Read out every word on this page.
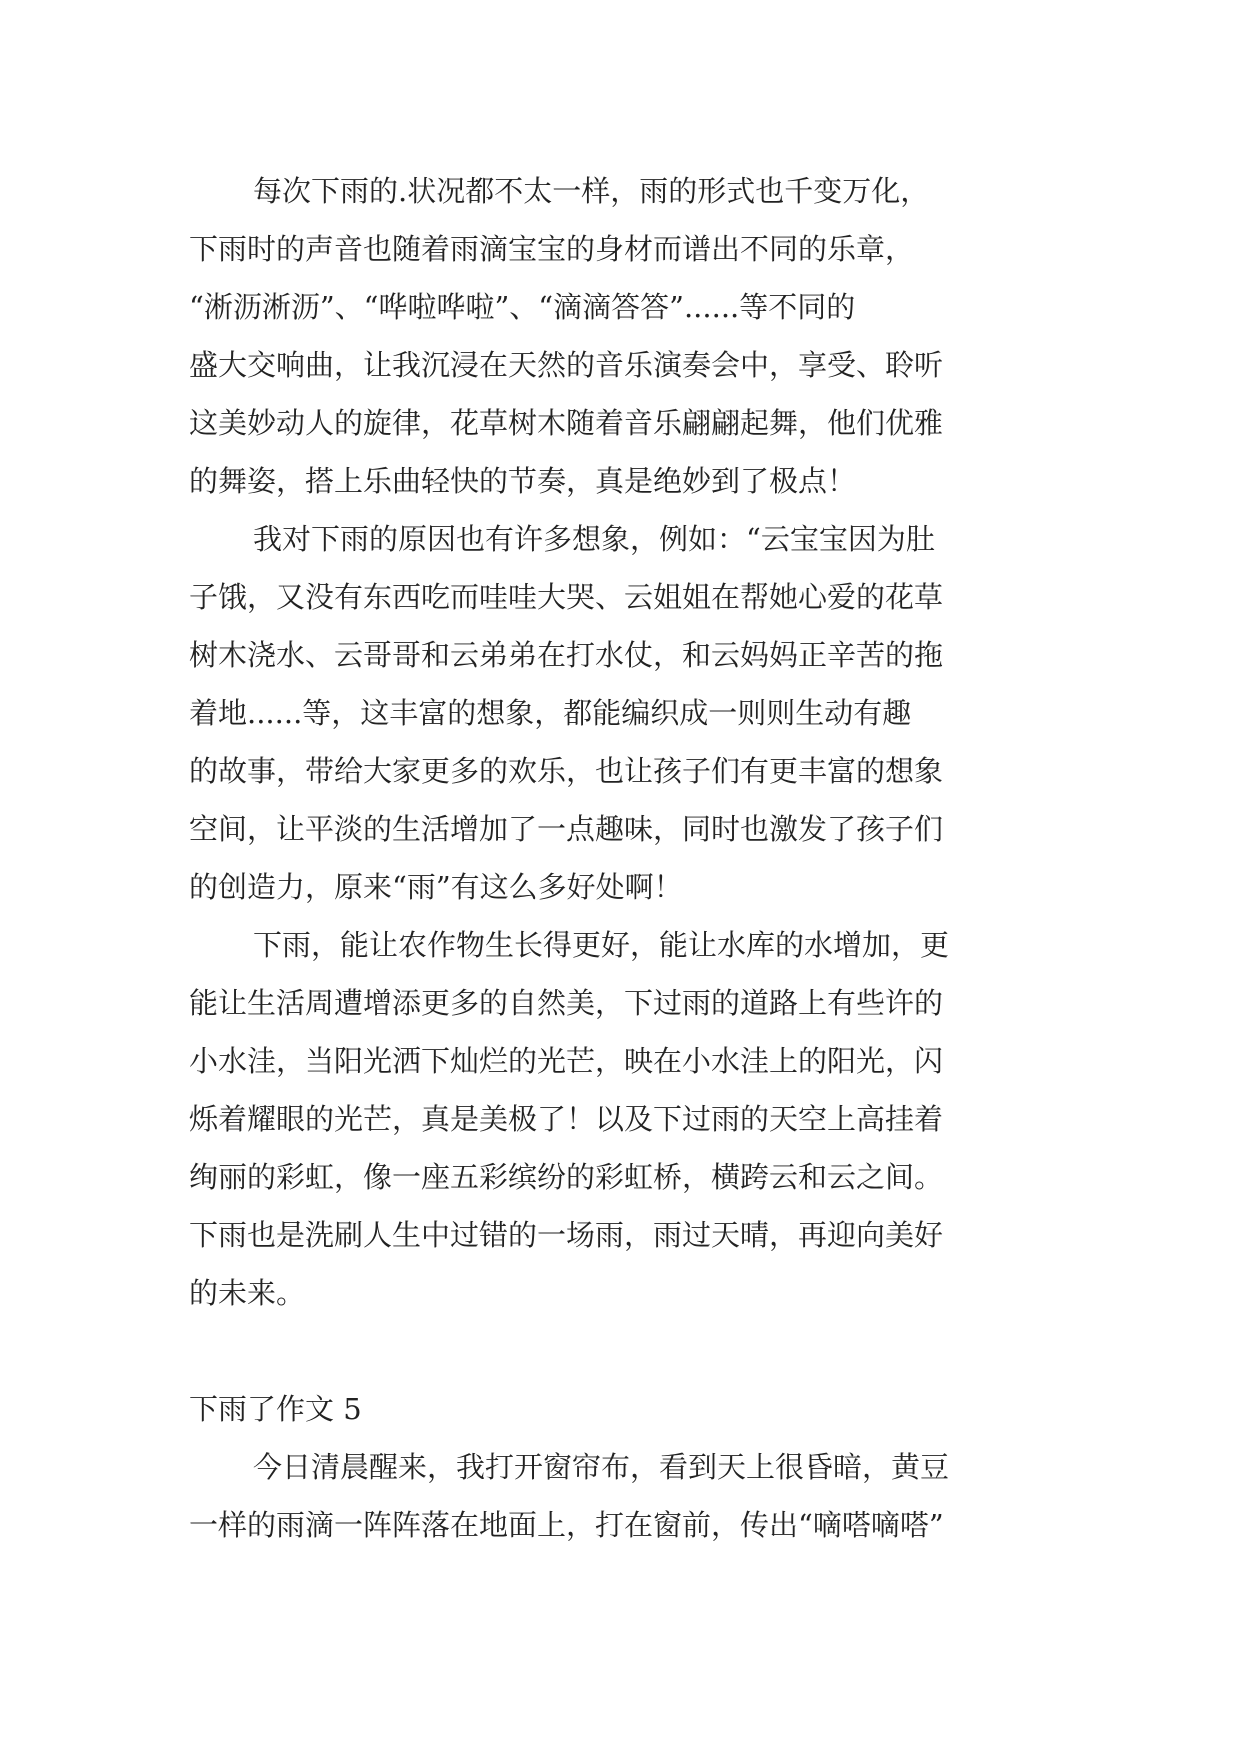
每次下雨的.状况都不太一样，雨的形式也千变万化，
下雨时的声音也随着雨滴宝宝的身材而谱出不同的乐章，
“淅沥淅沥”、“哗啦哗啦”、“滴滴答答”......等不同的
盛大交响曲，让我沉浸在天然的音乐演奏会中，享受、聆听
这美妙动人的旋律，花草树木随着音乐翩翩起舞，他们优雅
的舞姿，搭上乐曲轻快的节奏，真是绝妙到了极点！
我对下雨的原因也有许多想象，例如：“云宝宝因为肚
子饿，又没有东西吃而哇哇大哭、云姐姐在帮她心爱的花草
树木浇水、云哥哥和云弟弟在打水仗，和云妈妈正辛苦的拖
着地......等，这丰富的想象，都能编织成一则则生动有趣
的故事，带给大家更多的欢乐，也让孩子们有更丰富的想象
空间，让平淡的生活增加了一点趣味，同时也激发了孩子们
的创造力，原来“雨”有这么多好处啊！
下雨，能让农作物生长得更好，能让水库的水增加，更
能让生活周遭增添更多的自然美，下过雨的道路上有些许的
小水洼，当阳光洒下灿烂的光芒，映在小水洼上的阳光，闪
烁着耀眼的光芒，真是美极了！以及下过雨的天空上高挂着
绚丽的彩虹，像一座五彩缤纷的彩虹桥，横跨云和云之间。
下雨也是洗刷人生中过错的一场雨，雨过天晴，再迎向美好
的未来。
下雨了作文 5
今日清晨醒来，我打开窗帘布，看到天上很昏暗，黄豆
一样的雨滴一阵阵落在地面上，打在窗前，传出“嘀嗒嘀嗒”
